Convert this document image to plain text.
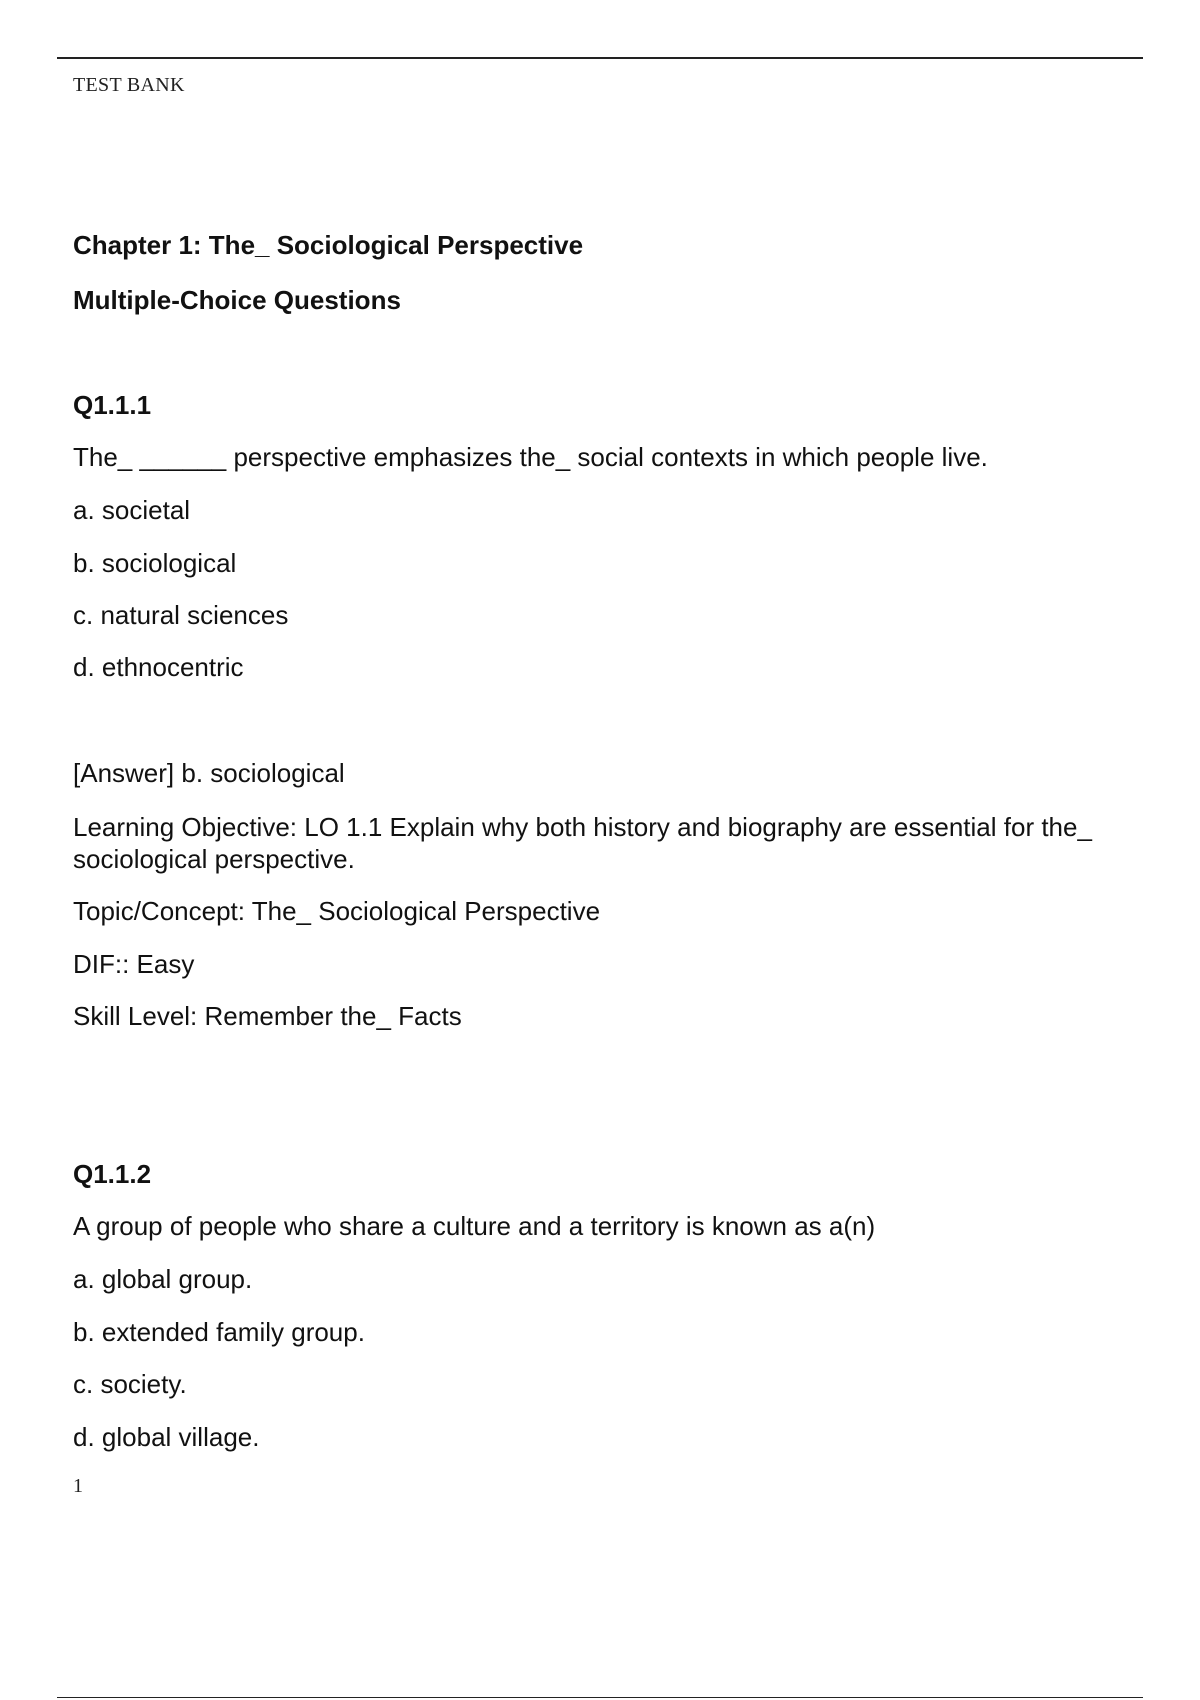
TEST BANK
Chapter 1: The_ Sociological Perspective
Multiple-Choice Questions
Q1.1.1
The_ ______ perspective emphasizes the_ social contexts in which people live.
a. societal
b. sociological
c. natural sciences
d. ethnocentric
[Answer] b. sociological
Learning Objective: LO 1.1 Explain why both history and biography are essential for the_ sociological perspective.
Topic/Concept: The_ Sociological Perspective
DIF:: Easy
Skill Level: Remember the_ Facts
Q1.1.2
A group of people who share a culture and a territory is known as a(n)
a. global group.
b. extended family group.
c. society.
d. global village.
1
